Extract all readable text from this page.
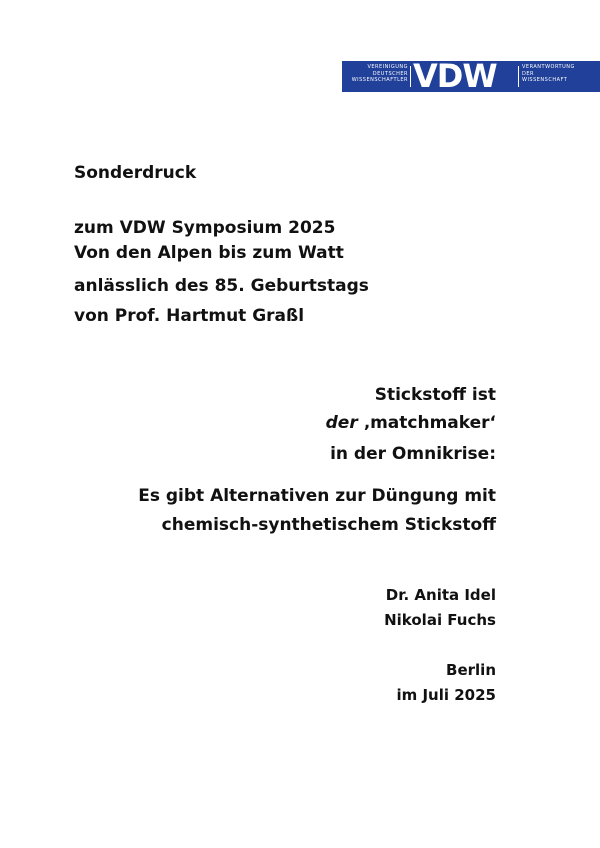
VEREINIGUNG
DEUTSCHER
WISSENSCHAFTLER VDW	VERANTWORTUNG
DER
WISSENSCHAFT
Sonderdruck
zum VDW Symposium 2025
Von den Alpen bis zum Watt
anlässlich des 85. Geburtstags
von Prof. Hartmut Graßl
Stickstoff ist
der ‚matchmaker‘
in der Omnikrise:
Es gibt Alternativen zur Düngung mit
chemisch-synthetischem Stickstoff
Dr. Anita Idel
Nikolai Fuchs
Berlin
im Juli 2025
